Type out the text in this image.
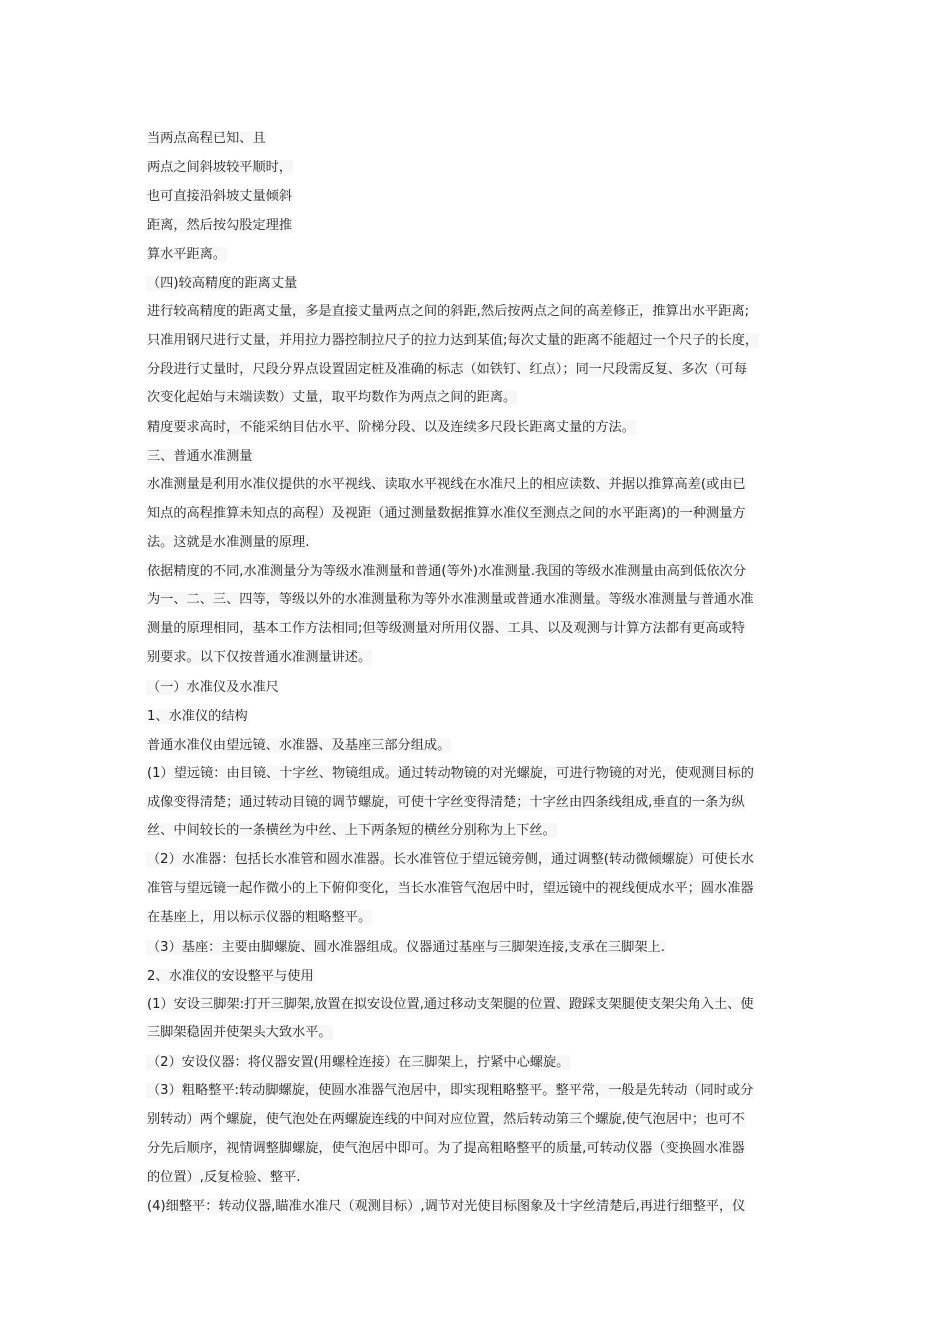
当两点高程已知、且
两点之间斜坡较平顺时，
也可直接沿斜坡丈量倾斜
距离，然后按勾股定理推
算水平距离。
（四)较高精度的距离丈量
进行较高精度的距离丈量，多是直接丈量两点之间的斜距,然后按两点之间的高差修正，推算出水平距离;
只准用钢尺进行丈量，并用拉力器控制拉尺子的拉力达到某值;每次丈量的距离不能超过一个尺子的长度，
分段进行丈量时，尺段分界点设置固定桩及准确的标志（如铁钉、红点）；同一尺段需反复、多次（可每
次变化起始与末端读数）丈量，取平均数作为两点之间的距离。
精度要求高时，不能采纳目估水平、阶梯分段、以及连续多尺段长距离丈量的方法。
三、普通水准测量
水准测量是利用水准仪提供的水平视线、读取水平视线在水准尺上的相应读数、并据以推算高差(或由已
知点的高程推算未知点的高程）及视距（通过测量数据推算水准仪至测点之间的水平距离)的一种测量方
法。这就是水准测量的原理.
依据精度的不同,水准测量分为等级水准测量和普通(等外)水准测量.我国的等级水准测量由高到低依次分
为一、二、三、四等，等级以外的水准测量称为等外水准测量或普通水准测量。等级水准测量与普通水准
测量的原理相同，基本工作方法相同;但等级测量对所用仪器、工具、以及观测与计算方法都有更高或特
别要求。以下仅按普通水准测量讲述。
（一）水准仪及水准尺
1、水准仪的结构
普通水准仪由望远镜、水准器、及基座三部分组成。
(1）望远镜：由目镜、十字丝、物镜组成。通过转动物镜的对光螺旋，可进行物镜的对光，使观测目标的
成像变得清楚；通过转动目镜的调节螺旋，可使十字丝变得清楚；十字丝由四条线组成,垂直的一条为纵
丝、中间较长的一条横丝为中丝、上下两条短的横丝分别称为上下丝。
（2）水准器：包括长水准管和圆水准器。长水准管位于望远镜旁侧，通过调整(转动微倾螺旋）可使长水
准管与望远镜一起作微小的上下俯仰变化，当长水准管气泡居中时，望远镜中的视线便成水平；圆水准器
在基座上，用以标示仪器的粗略整平。
（3）基座：主要由脚螺旋、圆水准器组成。仪器通过基座与三脚架连接,支承在三脚架上.
2、水准仪的安设整平与使用
(1）安设三脚架:打开三脚架,放置在拟安设位置,通过移动支架腿的位置、蹬踩支架腿使支架尖角入土、使
三脚架稳固并使架头大致水平。
（2）安设仪器：将仪器安置(用螺栓连接）在三脚架上，拧紧中心螺旋。
（3）粗略整平:转动脚螺旋，使圆水准器气泡居中，即实现粗略整平。整平常，一般是先转动（同时或分
别转动）两个螺旋，使气泡处在两螺旋连线的中间对应位置，然后转动第三个螺旋,使气泡居中；也可不
分先后顺序，视情调整脚螺旋，使气泡居中即可。为了提高粗略整平的质量,可转动仪器（变换圆水准器
的位置）,反复检验、整平.
(4)细整平：转动仪器,瞄准水准尺（观测目标）,调节对光使目标图象及十字丝清楚后,再进行细整平，仪
